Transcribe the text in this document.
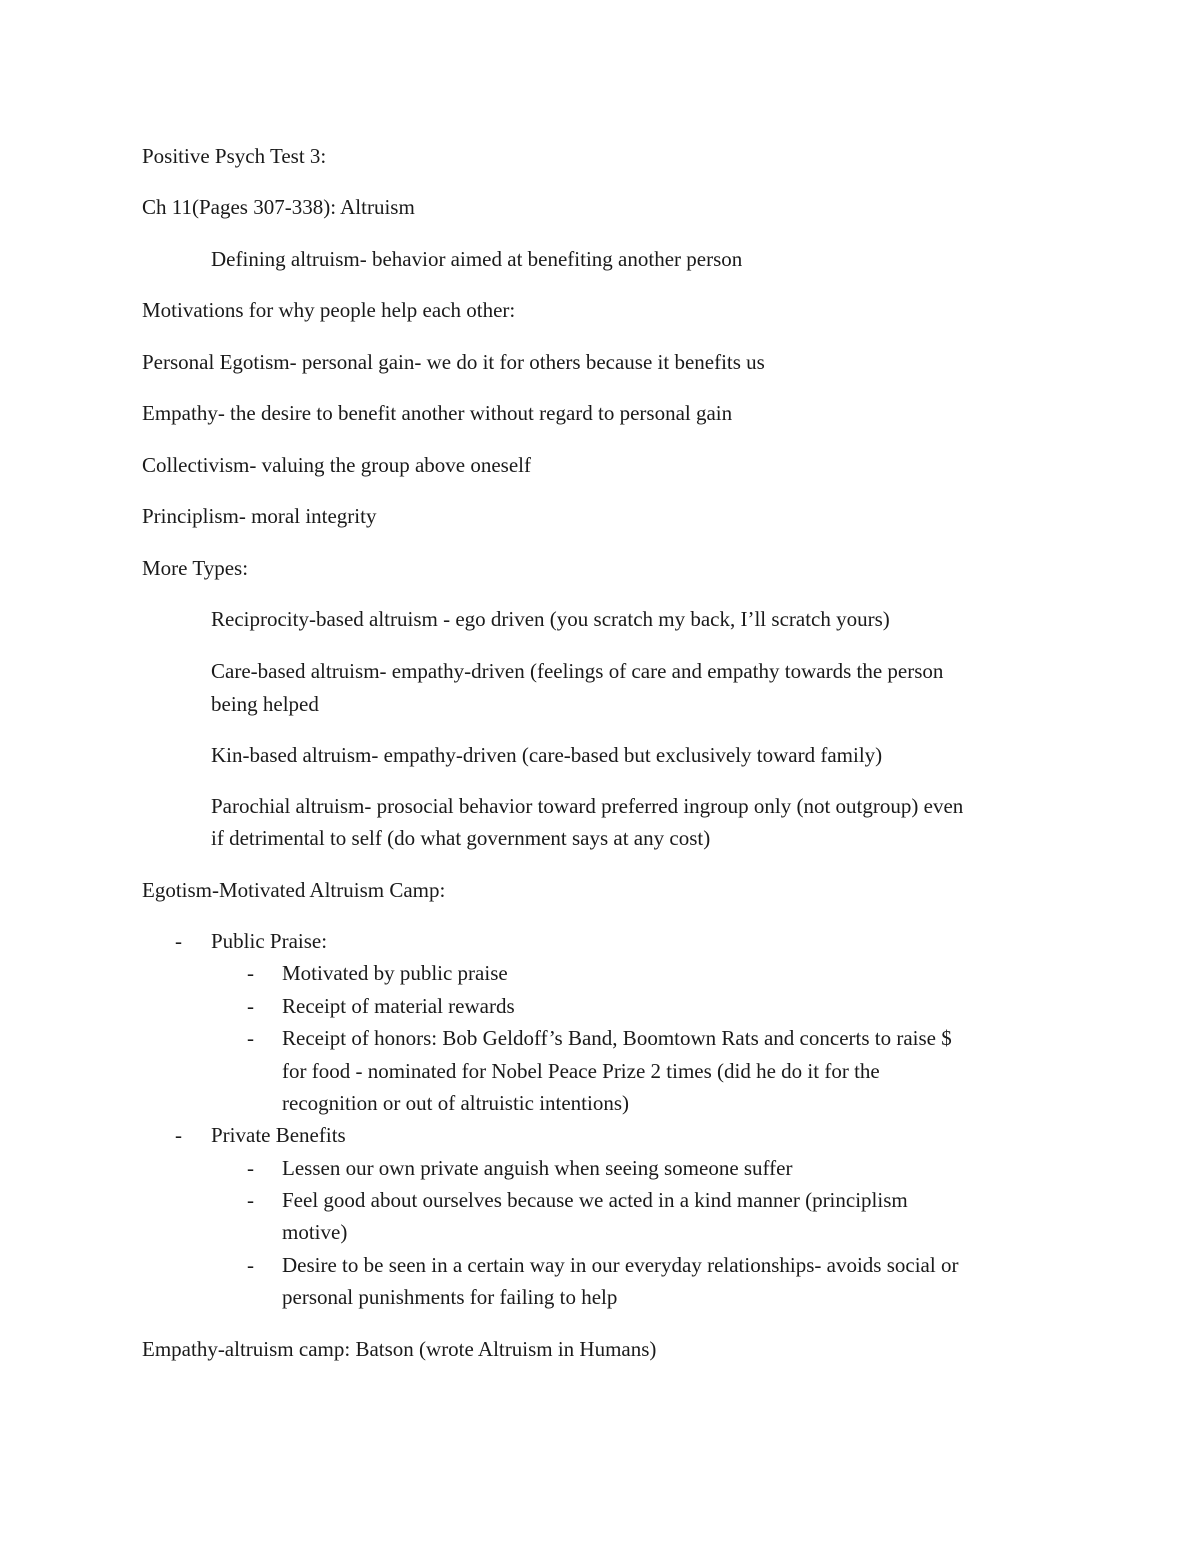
Positive Psych Test 3:

Ch 11(Pages 307-338): Altruism

Defining altruism- behavior aimed at benefiting another person

Motivations for why people help each other:

Personal Egotism- personal gain- we do it for others because it benefits us

Empathy- the desire to benefit another without regard to personal gain

Collectivism- valuing the group above oneself

Principlism- moral integrity

More Types:

Reciprocity-based altruism - ego driven (you scratch my back, I’ll scratch yours)

Care-based altruism- empathy-driven (feelings of care and empathy towards the person

being helped

Kin-based altruism- empathy-driven (care-based but exclusively toward family)

Parochial altruism- prosocial behavior toward preferred ingroup only (not outgroup) even

if detrimental to self (do what government says at any cost)

Egotism-Motivated Altruism Camp:

- Public Praise:

- Motivated by public praise

- Receipt of material rewards

- Receipt of honors: Bob Geldoff’s Band, Boomtown Rats and concerts to raise $

for food - nominated for Nobel Peace Prize 2 times (did he do it for the

recognition or out of altruistic intentions)

- Private Benefits

- Lessen our own private anguish when seeing someone suffer

- Feel good about ourselves because we acted in a kind manner (principlism

motive)

- Desire to be seen in a certain way in our everyday relationships- avoids social or

personal punishments for failing to help

Empathy-altruism camp: Batson (wrote Altruism in Humans)
